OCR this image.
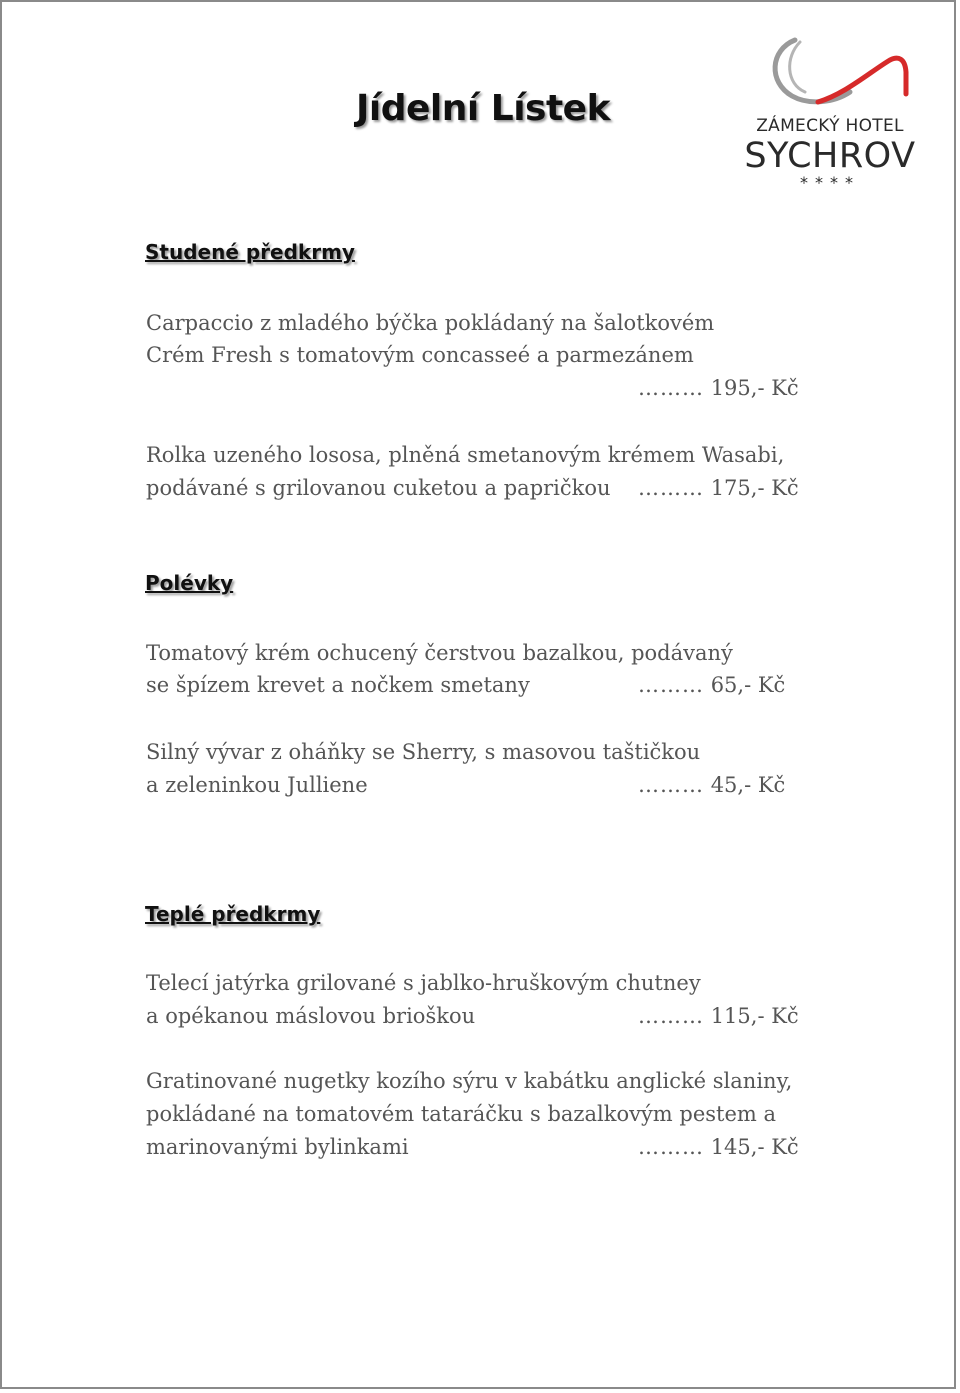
Jídelní Lístek	ZÁMECKÝ HOTEL
SYCHROV
****
Studené předkrmy

Carpaccio z mladého býčka pokládaný na šalotkovém

Crém Fresh s tomatovým concasseé a parmezánem

……… 195,- Kč

Rolka uzeného lososa, plněná smetanovým krémem Wasabi,

podávané s grilovanou cuketou a papričkou ……… 175,- Kč

Polévky

Tomatový krém ochucený čerstvou bazalkou, podávaný

se špízem krevet a nočkem smetany	……… 65,- Kč

Silný vývar z oháňky se Sherry, s masovou taštičkou

a zeleninkou Julliene	……… 45,- Kč

Teplé předkrmy

Telecí jatýrka grilované s jablko-hruškovým chutney

a opékanou máslovou brioškou	……… 115,- Kč

Gratinované nugetky kozího sýru v kabátku anglické slaniny,

pokládané na tomatovém tataráčku s bazalkovým pestem a

marinovanými bylinkami	……… 145,- Kč
